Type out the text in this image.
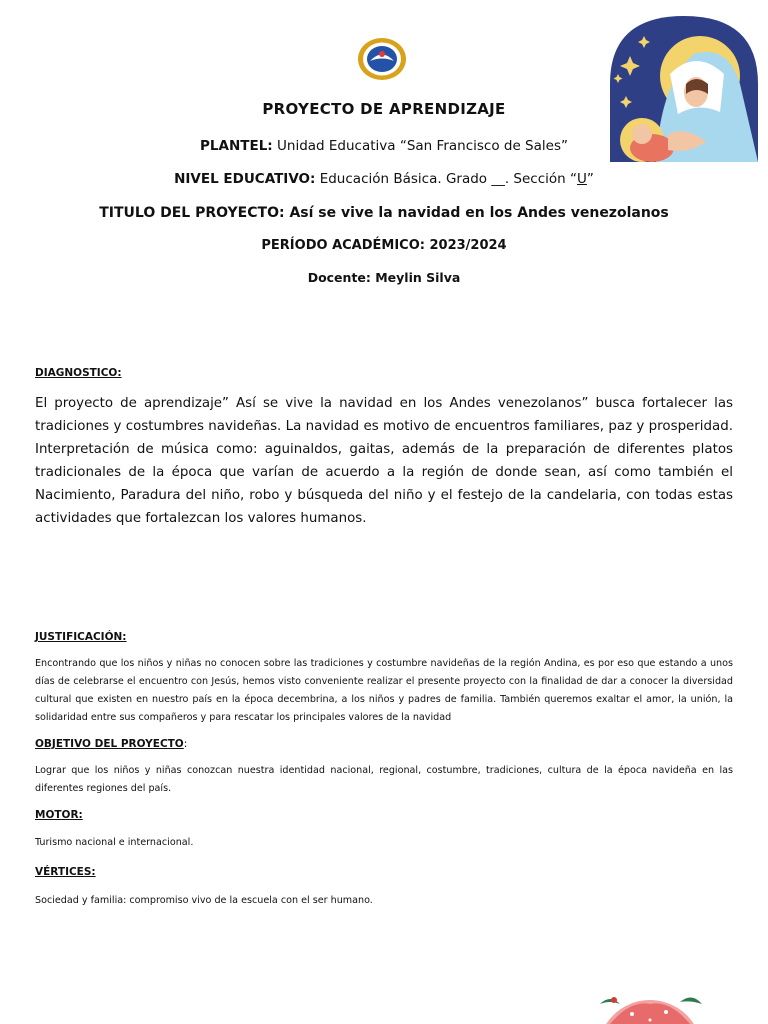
PROYECTO DE APRENDIZAJE
PLANTEL: Unidad Educativa “San Francisco de Sales”
NIVEL EDUCATIVO: Educación Básica. Grado __. Sección “U”
TITULO DEL PROYECTO: Así se vive la navidad en los Andes venezolanos
PERÍODO ACADÉMICO: 2023/2024
Docente: Meylin Silva
DIAGNOSTICO:
El proyecto de aprendizaje” Así se vive la navidad en los Andes venezolanos” busca fortalecer las tradiciones y costumbres navideñas. La navidad es motivo de encuentros familiares, paz y prosperidad. Interpretación de música como: aguinaldos, gaitas, además de la preparación de diferentes platos tradicionales de la época que varían de acuerdo a la región de donde sean, así como también el Nacimiento, Paradura del niño, robo y búsqueda del niño y el festejo de la candelaria, con todas estas actividades que fortalezcan los valores humanos.
JUSTIFICACIÓN:
Encontrando que los niños y niñas no conocen sobre las tradiciones y costumbre navideñas de la región Andina, es por eso que estando a unos días de celebrarse el encuentro con Jesús, hemos visto conveniente realizar el presente proyecto con la finalidad de dar a conocer la diversidad cultural que existen en nuestro país en la época decembrina, a los niños y padres de familia. También queremos exaltar el amor, la unión, la solidaridad entre sus compañeros y para rescatar los principales valores de la navidad
OBJETIVO DEL PROYECTO:
Lograr que los niños y niñas conozcan nuestra identidad nacional, regional, costumbre, tradiciones, cultura de la época navideña en las diferentes regiones del país.
MOTOR:
Turismo nacional e internacional.
VÉRTICES:
Sociedad y familia: compromiso vivo de la escuela con el ser humano.
